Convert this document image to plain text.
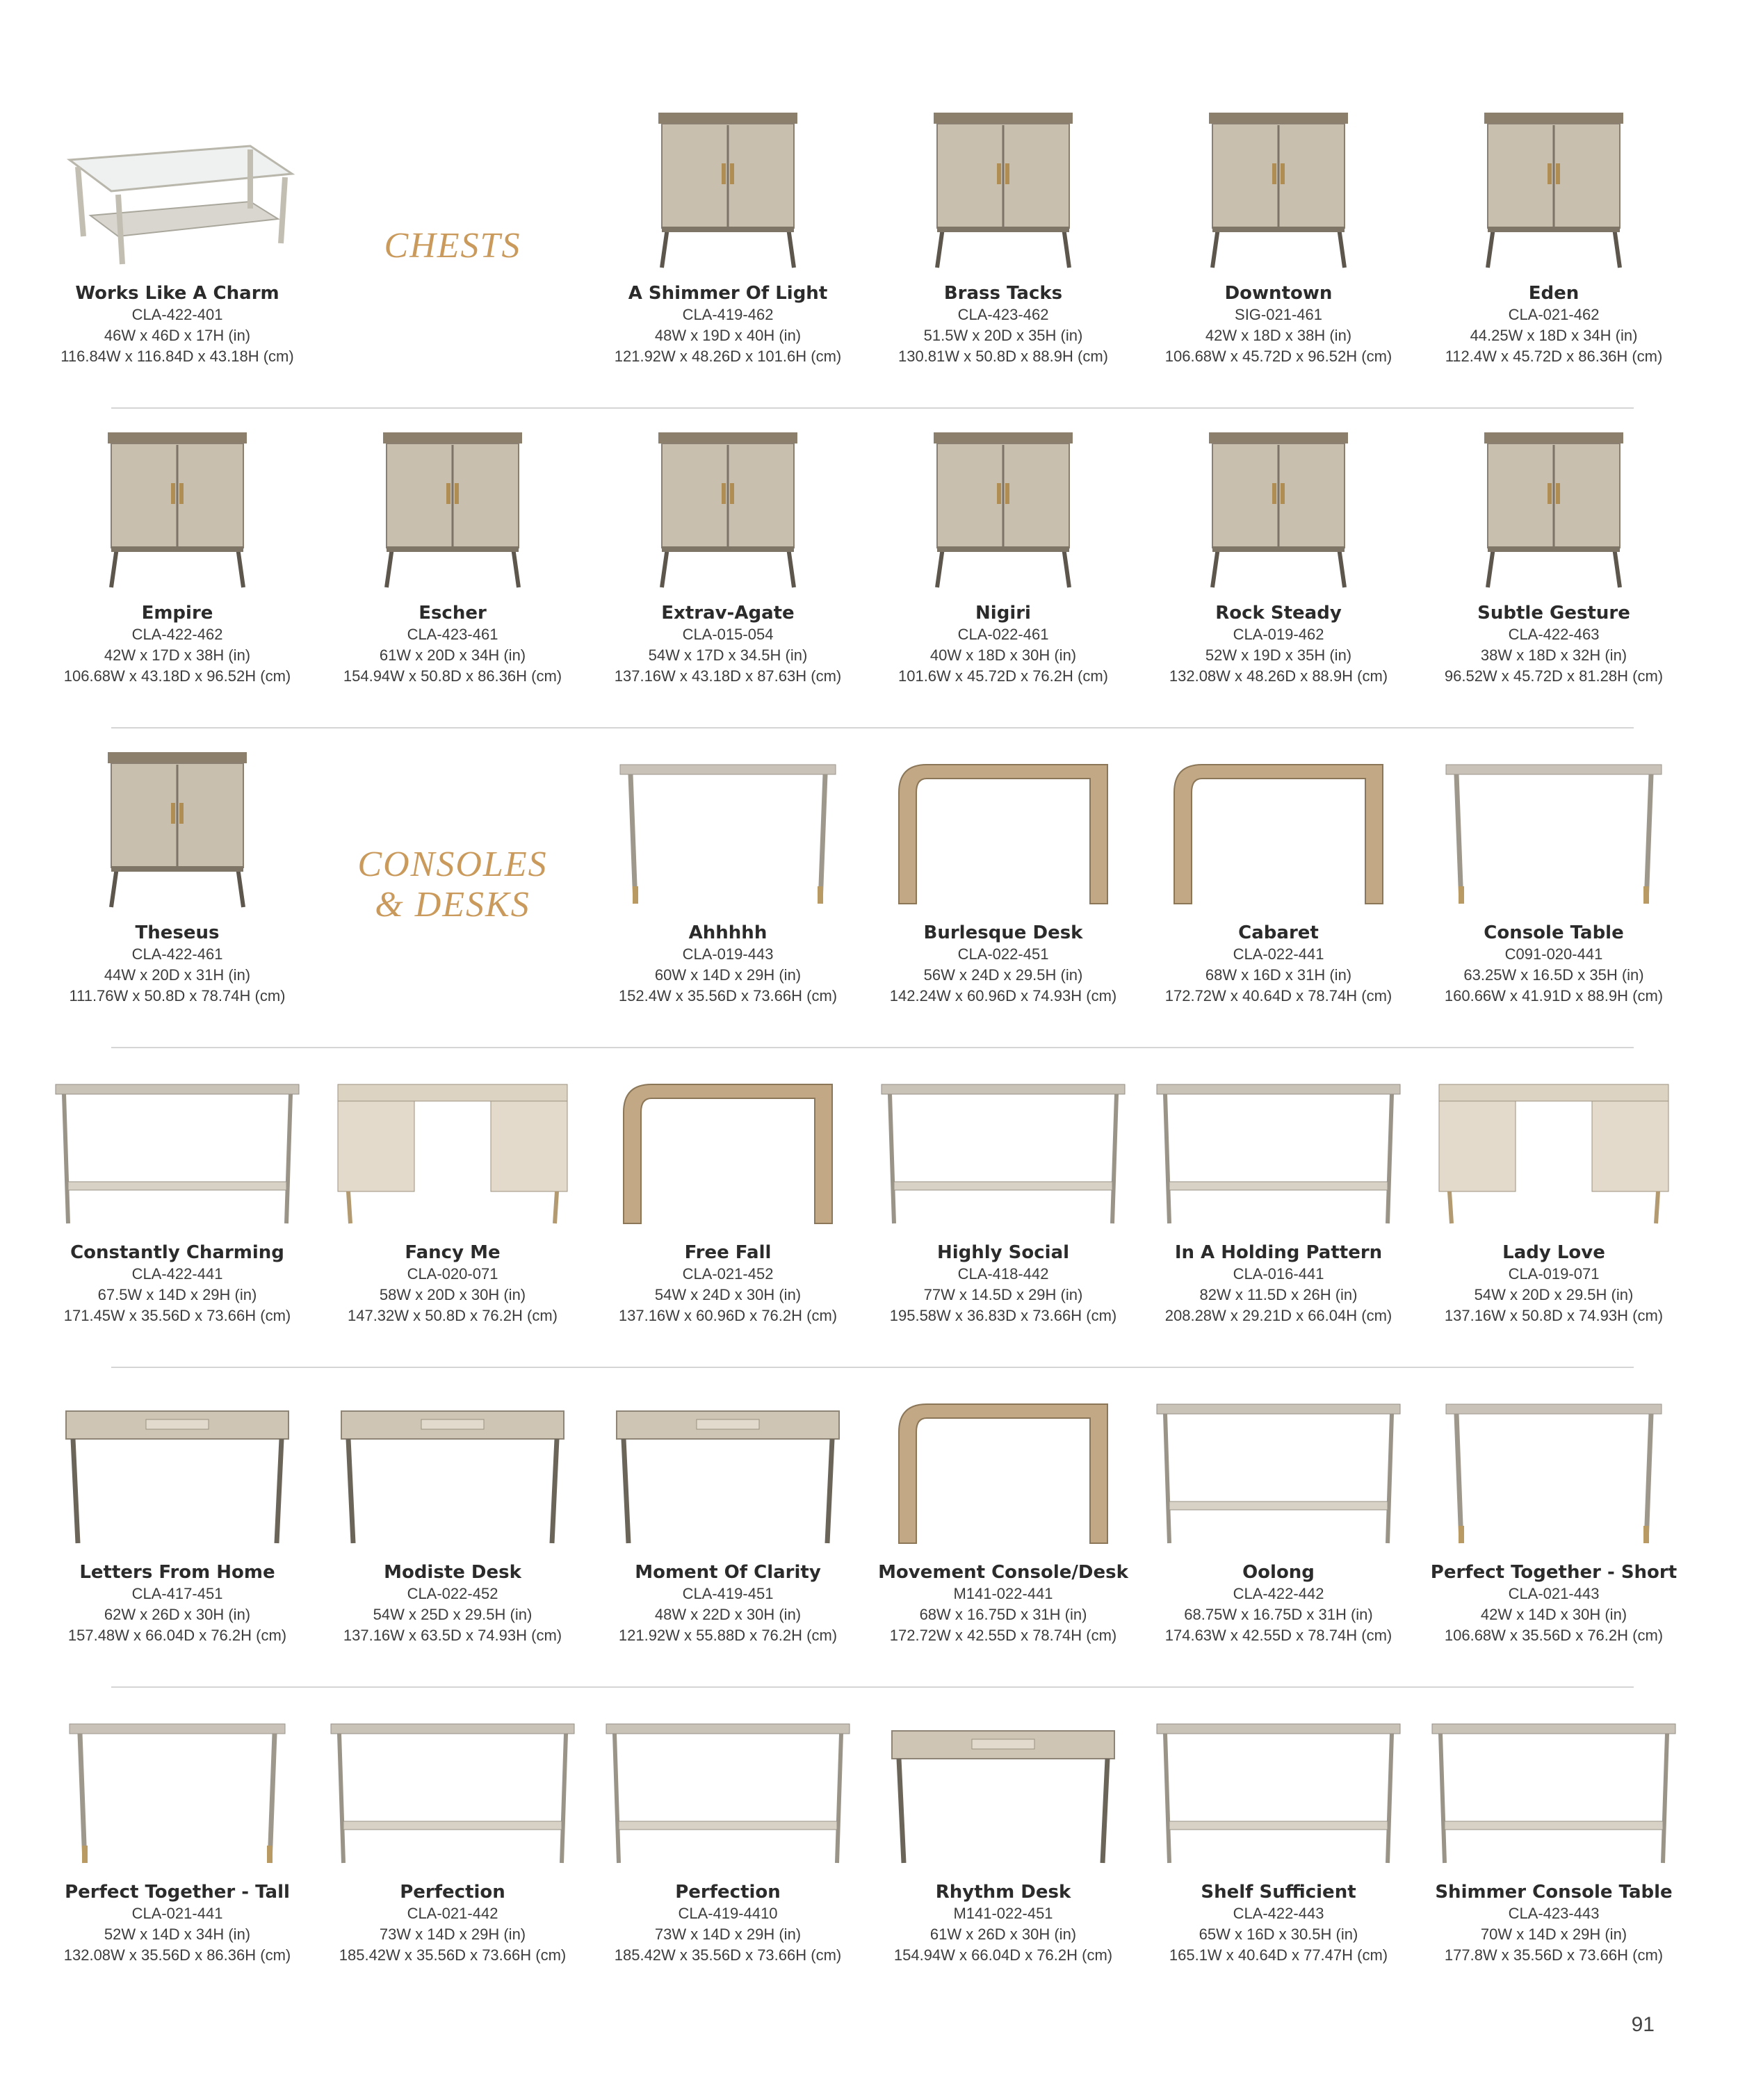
CHESTS
CONSOLES
& DESKS
Works Like A Charm
CLA-422-401
46W x 46D x 17H (in)
116.84W x 116.84D x 43.18H (cm)
A Shimmer Of Light
CLA-419-462
48W x 19D x 40H (in)
121.92W x 48.26D x 101.6H (cm)
Brass Tacks
CLA-423-462
51.5W x 20D x 35H (in)
130.81W x 50.8D x 88.9H (cm)
Downtown
SIG-021-461
42W x 18D x 38H (in)
106.68W x 45.72D x 96.52H (cm)
Eden
CLA-021-462
44.25W x 18D x 34H (in)
112.4W x 45.72D x 86.36H (cm)
Empire
CLA-422-462
42W x 17D x 38H (in)
106.68W x 43.18D x 96.52H (cm)
Escher
CLA-423-461
61W x 20D x 34H (in)
154.94W x 50.8D x 86.36H (cm)
Extrav-Agate
CLA-015-054
54W x 17D x 34.5H (in)
137.16W x 43.18D x 87.63H (cm)
Nigiri
CLA-022-461
40W x 18D x 30H (in)
101.6W x 45.72D x 76.2H (cm)
Rock Steady
CLA-019-462
52W x 19D x 35H (in)
132.08W x 48.26D x 88.9H (cm)
Subtle Gesture
CLA-422-463
38W x 18D x 32H (in)
96.52W x 45.72D x 81.28H (cm)
Theseus
CLA-422-461
44W x 20D x 31H (in)
111.76W x 50.8D x 78.74H (cm)
Ahhhhh
CLA-019-443
60W x 14D x 29H (in)
152.4W x 35.56D x 73.66H (cm)
Burlesque Desk
CLA-022-451
56W x 24D x 29.5H (in)
142.24W x 60.96D x 74.93H (cm)
Cabaret
CLA-022-441
68W x 16D x 31H (in)
172.72W x 40.64D x 78.74H (cm)
Console Table
C091-020-441
63.25W x 16.5D x 35H (in)
160.66W x 41.91D x 88.9H (cm)
Constantly Charming
CLA-422-441
67.5W x 14D x 29H (in)
171.45W x 35.56D x 73.66H (cm)
Fancy Me
CLA-020-071
58W x 20D x 30H (in)
147.32W x 50.8D x 76.2H (cm)
Free Fall
CLA-021-452
54W x 24D x 30H (in)
137.16W x 60.96D x 76.2H (cm)
Highly Social
CLA-418-442
77W x 14.5D x 29H (in)
195.58W x 36.83D x 73.66H (cm)
In A Holding Pattern
CLA-016-441
82W x 11.5D x 26H (in)
208.28W x 29.21D x 66.04H (cm)
Lady Love
CLA-019-071
54W x 20D x 29.5H (in)
137.16W x 50.8D x 74.93H (cm)
Letters From Home
CLA-417-451
62W x 26D x 30H (in)
157.48W x 66.04D x 76.2H (cm)
Modiste Desk
CLA-022-452
54W x 25D x 29.5H (in)
137.16W x 63.5D x 74.93H (cm)
Moment Of Clarity
CLA-419-451
48W x 22D x 30H (in)
121.92W x 55.88D x 76.2H (cm)
Movement Console/Desk
M141-022-441
68W x 16.75D x 31H (in)
172.72W x 42.55D x 78.74H (cm)
Oolong
CLA-422-442
68.75W x 16.75D x 31H (in)
174.63W x 42.55D x 78.74H (cm)
Perfect Together - Short
CLA-021-443
42W x 14D x 30H (in)
106.68W x 35.56D x 76.2H (cm)
Perfect Together - Tall
CLA-021-441
52W x 14D x 34H (in)
132.08W x 35.56D x 86.36H (cm)
Perfection
CLA-021-442
73W x 14D x 29H (in)
185.42W x 35.56D x 73.66H (cm)
Perfection
CLA-419-4410
73W x 14D x 29H (in)
185.42W x 35.56D x 73.66H (cm)
Rhythm Desk
M141-022-451
61W x 26D x 30H (in)
154.94W x 66.04D x 76.2H (cm)
Shelf Sufficient
CLA-422-443
65W x 16D x 30.5H (in)
165.1W x 40.64D x 77.47H (cm)
Shimmer Console Table
CLA-423-443
70W x 14D x 29H (in)
177.8W x 35.56D x 73.66H (cm)
91
